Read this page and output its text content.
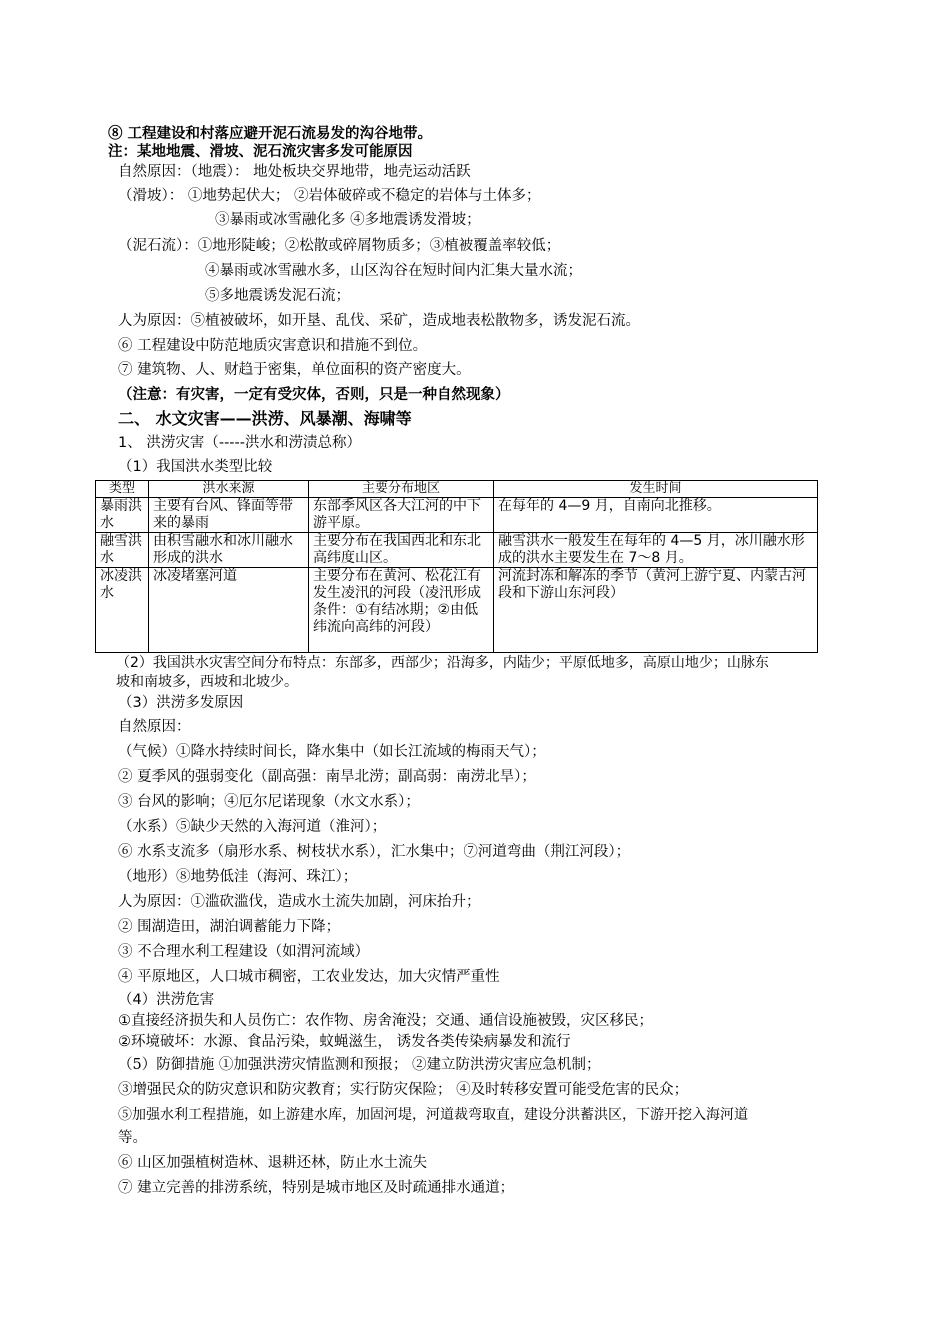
⑧ 工程建设和村落应避开泥石流易发的沟谷地带。
注：某地地震、滑坡、泥石流灾害多发可能原因
自然原因：（地震）： 地处板块交界地带，地壳运动活跃
（滑坡）： ①地势起伏大； ②岩体破碎或不稳定的岩体与土体多；
③暴雨或冰雪融化多 ④多地震诱发滑坡；
（泥石流）：①地形陡峻；②松散或碎屑物质多；③植被覆盖率较低；
④暴雨或冰雪融水多，山区沟谷在短时间内汇集大量水流；
⑤多地震诱发泥石流；
人为原因：⑤植被破坏，如开垦、乱伐、采矿，造成地表松散物多，诱发泥石流。
⑥ 工程建设中防范地质灾害意识和措施不到位。
⑦ 建筑物、人、财趋于密集，单位面积的资产密度大。
（注意：有灾害，一定有受灾体，否则，只是一种自然现象）
二、 水文灾害——洪涝、风暴潮、海啸等
1、 洪涝灾害（-----洪水和涝渍总称）
（1）我国洪水类型比较
类型	洪水来源	主要分布地区	发生时间
暴雨洪水	主要有台风、锋面等带来的暴雨	东部季风区各大江河的中下游平原。	在每年的 4—9 月，自南向北推移。
融雪洪水	由积雪融水和冰川融水形成的洪水	主要分布在我国西北和东北高纬度山区。	融雪洪水一般发生在每年的 4—5 月，冰川融水形成的洪水主要发生在 7～8 月。
冰凌洪水	冰凌堵塞河道	主要分布在黄河、松花江有发生凌汛的河段（凌汛形成条件：①有结冰期；②由低纬流向高纬的河段）	河流封冻和解冻的季节（黄河上游宁夏、内蒙古河段和下游山东河段）
（2）我国洪水灾害空间分布特点：东部多，西部少；沿海多，内陆少；平原低地多，高原山地少；山脉东
坡和南坡多，西坡和北坡少。
（3）洪涝多发原因
自然原因：
（气候）①降水持续时间长，降水集中（如长江流域的梅雨天气）；
② 夏季风的强弱变化（副高强：南旱北涝；副高弱：南涝北旱）；
③ 台风的影响；④厄尔尼诺现象（水文水系）；
（水系）⑤缺少天然的入海河道（淮河）；
⑥ 水系支流多（扇形水系、树枝状水系），汇水集中；⑦河道弯曲（荆江河段）；
（地形）⑧地势低洼（海河、珠江）；
人为原因：①滥砍滥伐，造成水土流失加剧，河床抬升；
② 围湖造田，湖泊调蓄能力下降；
③ 不合理水利工程建设（如渭河流域）
④ 平原地区，人口城市稠密，工农业发达，加大灾情严重性
（4）洪涝危害
①直接经济损失和人员伤亡：农作物、房舍淹没；交通、通信设施被毁，灾区移民；
②环境破坏：水源、食品污染，蚊蝇滋生， 诱发各类传染病暴发和流行
（5）防御措施 ①加强洪涝灾情监测和预报； ②建立防洪涝灾害应急机制；
③增强民众的防灾意识和防灾教育；实行防灾保险； ④及时转移安置可能受危害的民众；
⑤加强水利工程措施，如上游建水库，加固河堤，河道裁弯取直，建设分洪蓄洪区，下游开挖入海河道
等。
⑥ 山区加强植树造林、退耕还林，防止水土流失
⑦ 建立完善的排涝系统，特别是城市地区及时疏通排水通道；
